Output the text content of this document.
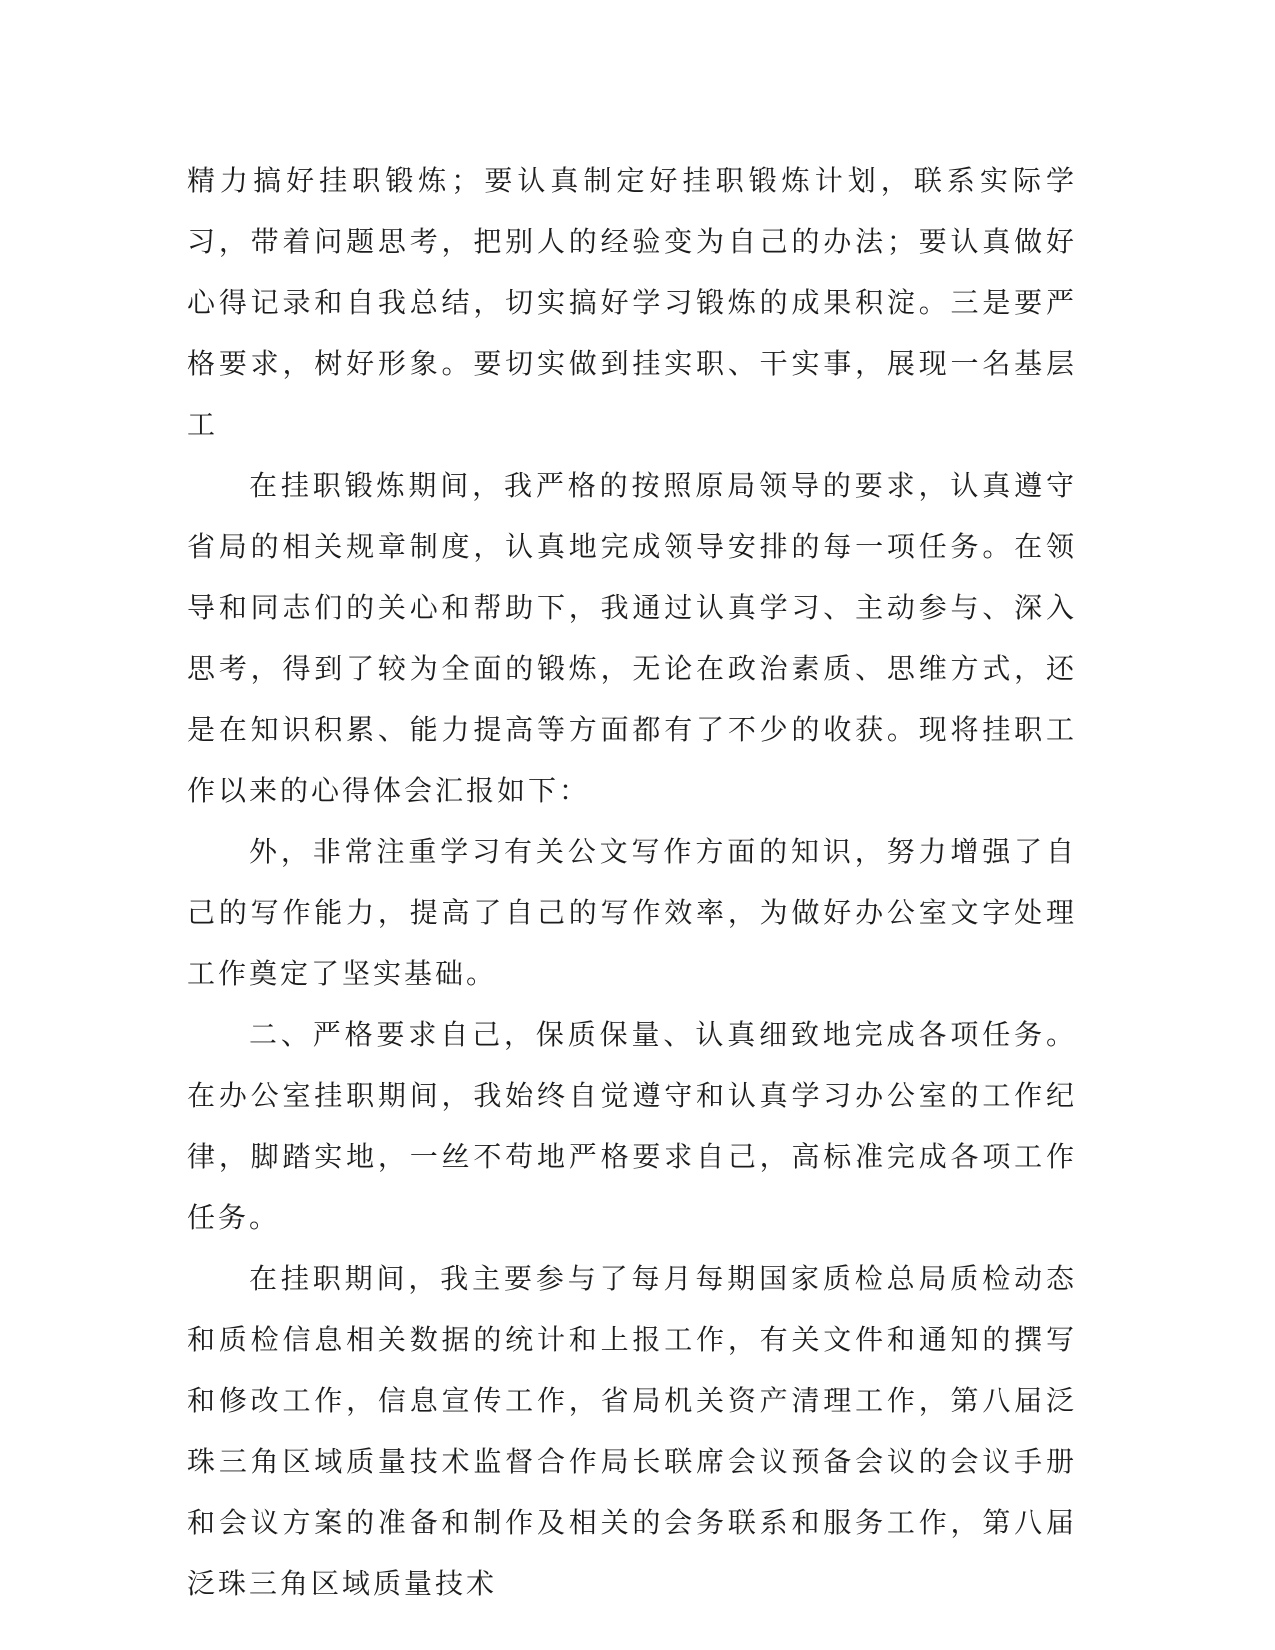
精力搞好挂职锻炼；要认真制定好挂职锻炼计划，联系实际学习，带着问题思考，把别人的经验变为自己的办法；要认真做好心得记录和自我总结，切实搞好学习锻炼的成果积淀。三是要严格要求，树好形象。要切实做到挂实职、干实事，展现一名基层工

在挂职锻炼期间，我严格的按照原局领导的要求，认真遵守省局的相关规章制度，认真地完成领导安排的每一项任务。在领导和同志们的关心和帮助下，我通过认真学习、主动参与、深入思考，得到了较为全面的锻炼，无论在政治素质、思维方式，还是在知识积累、能力提高等方面都有了不少的收获。现将挂职工作以来的心得体会汇报如下：

外，非常注重学习有关公文写作方面的知识，努力增强了自己的写作能力，提高了自己的写作效率，为做好办公室文字处理工作奠定了坚实基础。

二、严格要求自己，保质保量、认真细致地完成各项任务。在办公室挂职期间，我始终自觉遵守和认真学习办公室的工作纪律，脚踏实地，一丝不苟地严格要求自己，高标准完成各项工作任务。

在挂职期间，我主要参与了每月每期国家质检总局质检动态和质检信息相关数据的统计和上报工作，有关文件和通知的撰写和修改工作，信息宣传工作，省局机关资产清理工作，第八届泛珠三角区域质量技术监督合作局长联席会议预备会议的会议手册和会议方案的准备和制作及相关的会务联系和服务工作，第八届泛珠三角区域质量技术
